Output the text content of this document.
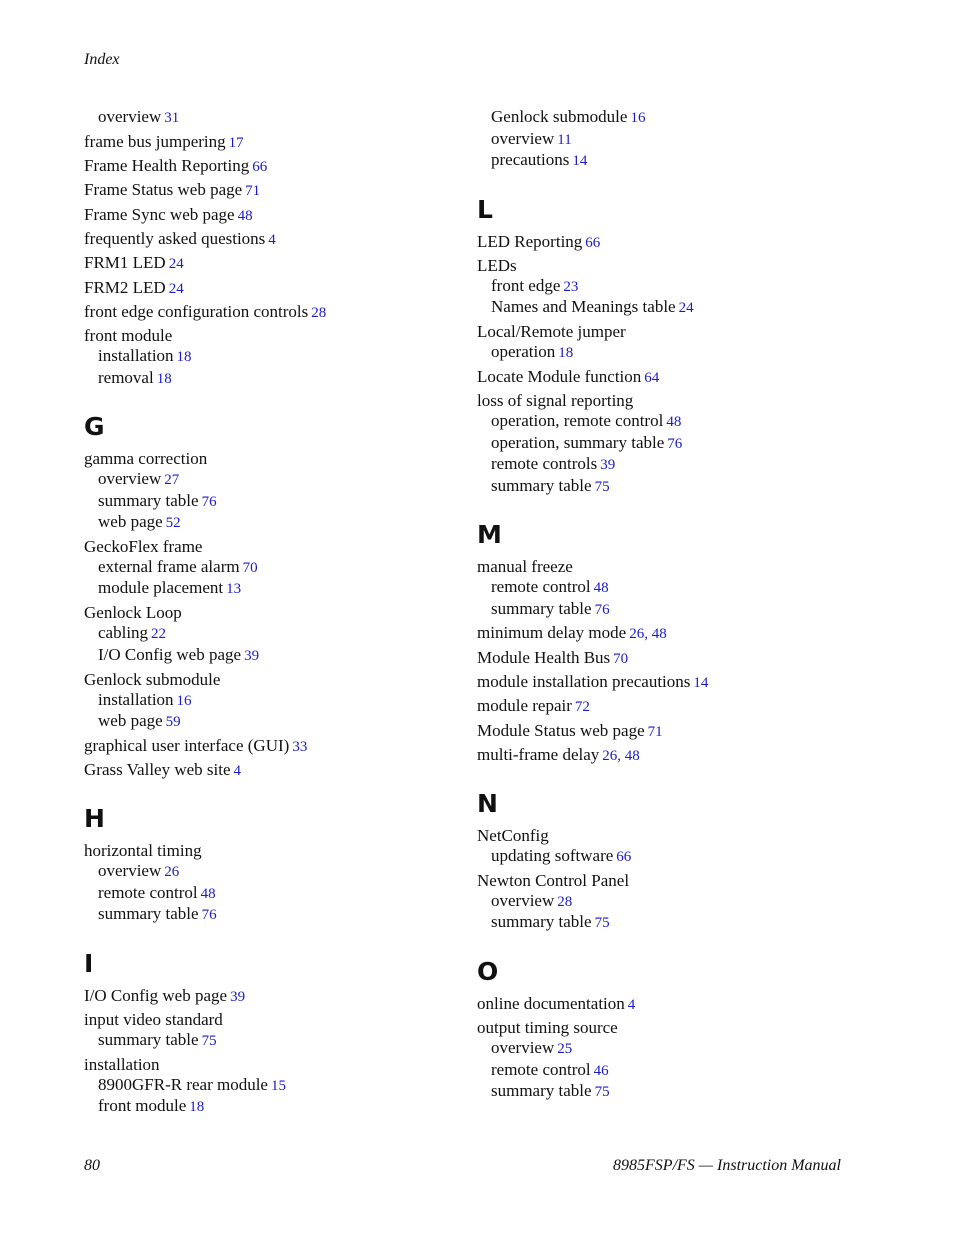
Index
overview 31
frame bus jumpering 17
Frame Health Reporting 66
Frame Status web page 71
Frame Sync web page 48
frequently asked questions 4
FRM1 LED 24
FRM2 LED 24
front edge configuration controls 28
front module
installation 18
removal 18
G
gamma correction
overview 27
summary table 76
web page 52
GeckoFlex frame
external frame alarm 70
module placement 13
Genlock Loop
cabling 22
I/O Config web page 39
Genlock submodule
installation 16
web page 59
graphical user interface (GUI) 33
Grass Valley web site 4
H
horizontal timing
overview 26
remote control 48
summary table 76
I
I/O Config web page 39
input video standard
summary table 75
installation
8900GFR-R rear module 15
front module 18
Genlock submodule 16
overview 11
precautions 14
L
LED Reporting 66
LEDs
front edge 23
Names and Meanings table 24
Local/Remote jumper
operation 18
Locate Module function 64
loss of signal reporting
operation, remote control 48
operation, summary table 76
remote controls 39
summary table 75
M
manual freeze
remote control 48
summary table 76
minimum delay mode 26, 48
Module Health Bus 70
module installation precautions 14
module repair 72
Module Status web page 71
multi-frame delay 26, 48
N
NetConfig
updating software 66
Newton Control Panel
overview 28
summary table 75
O
online documentation 4
output timing source
overview 25
remote control 46
summary table 75
80	8985FSP/FS — Instruction Manual
